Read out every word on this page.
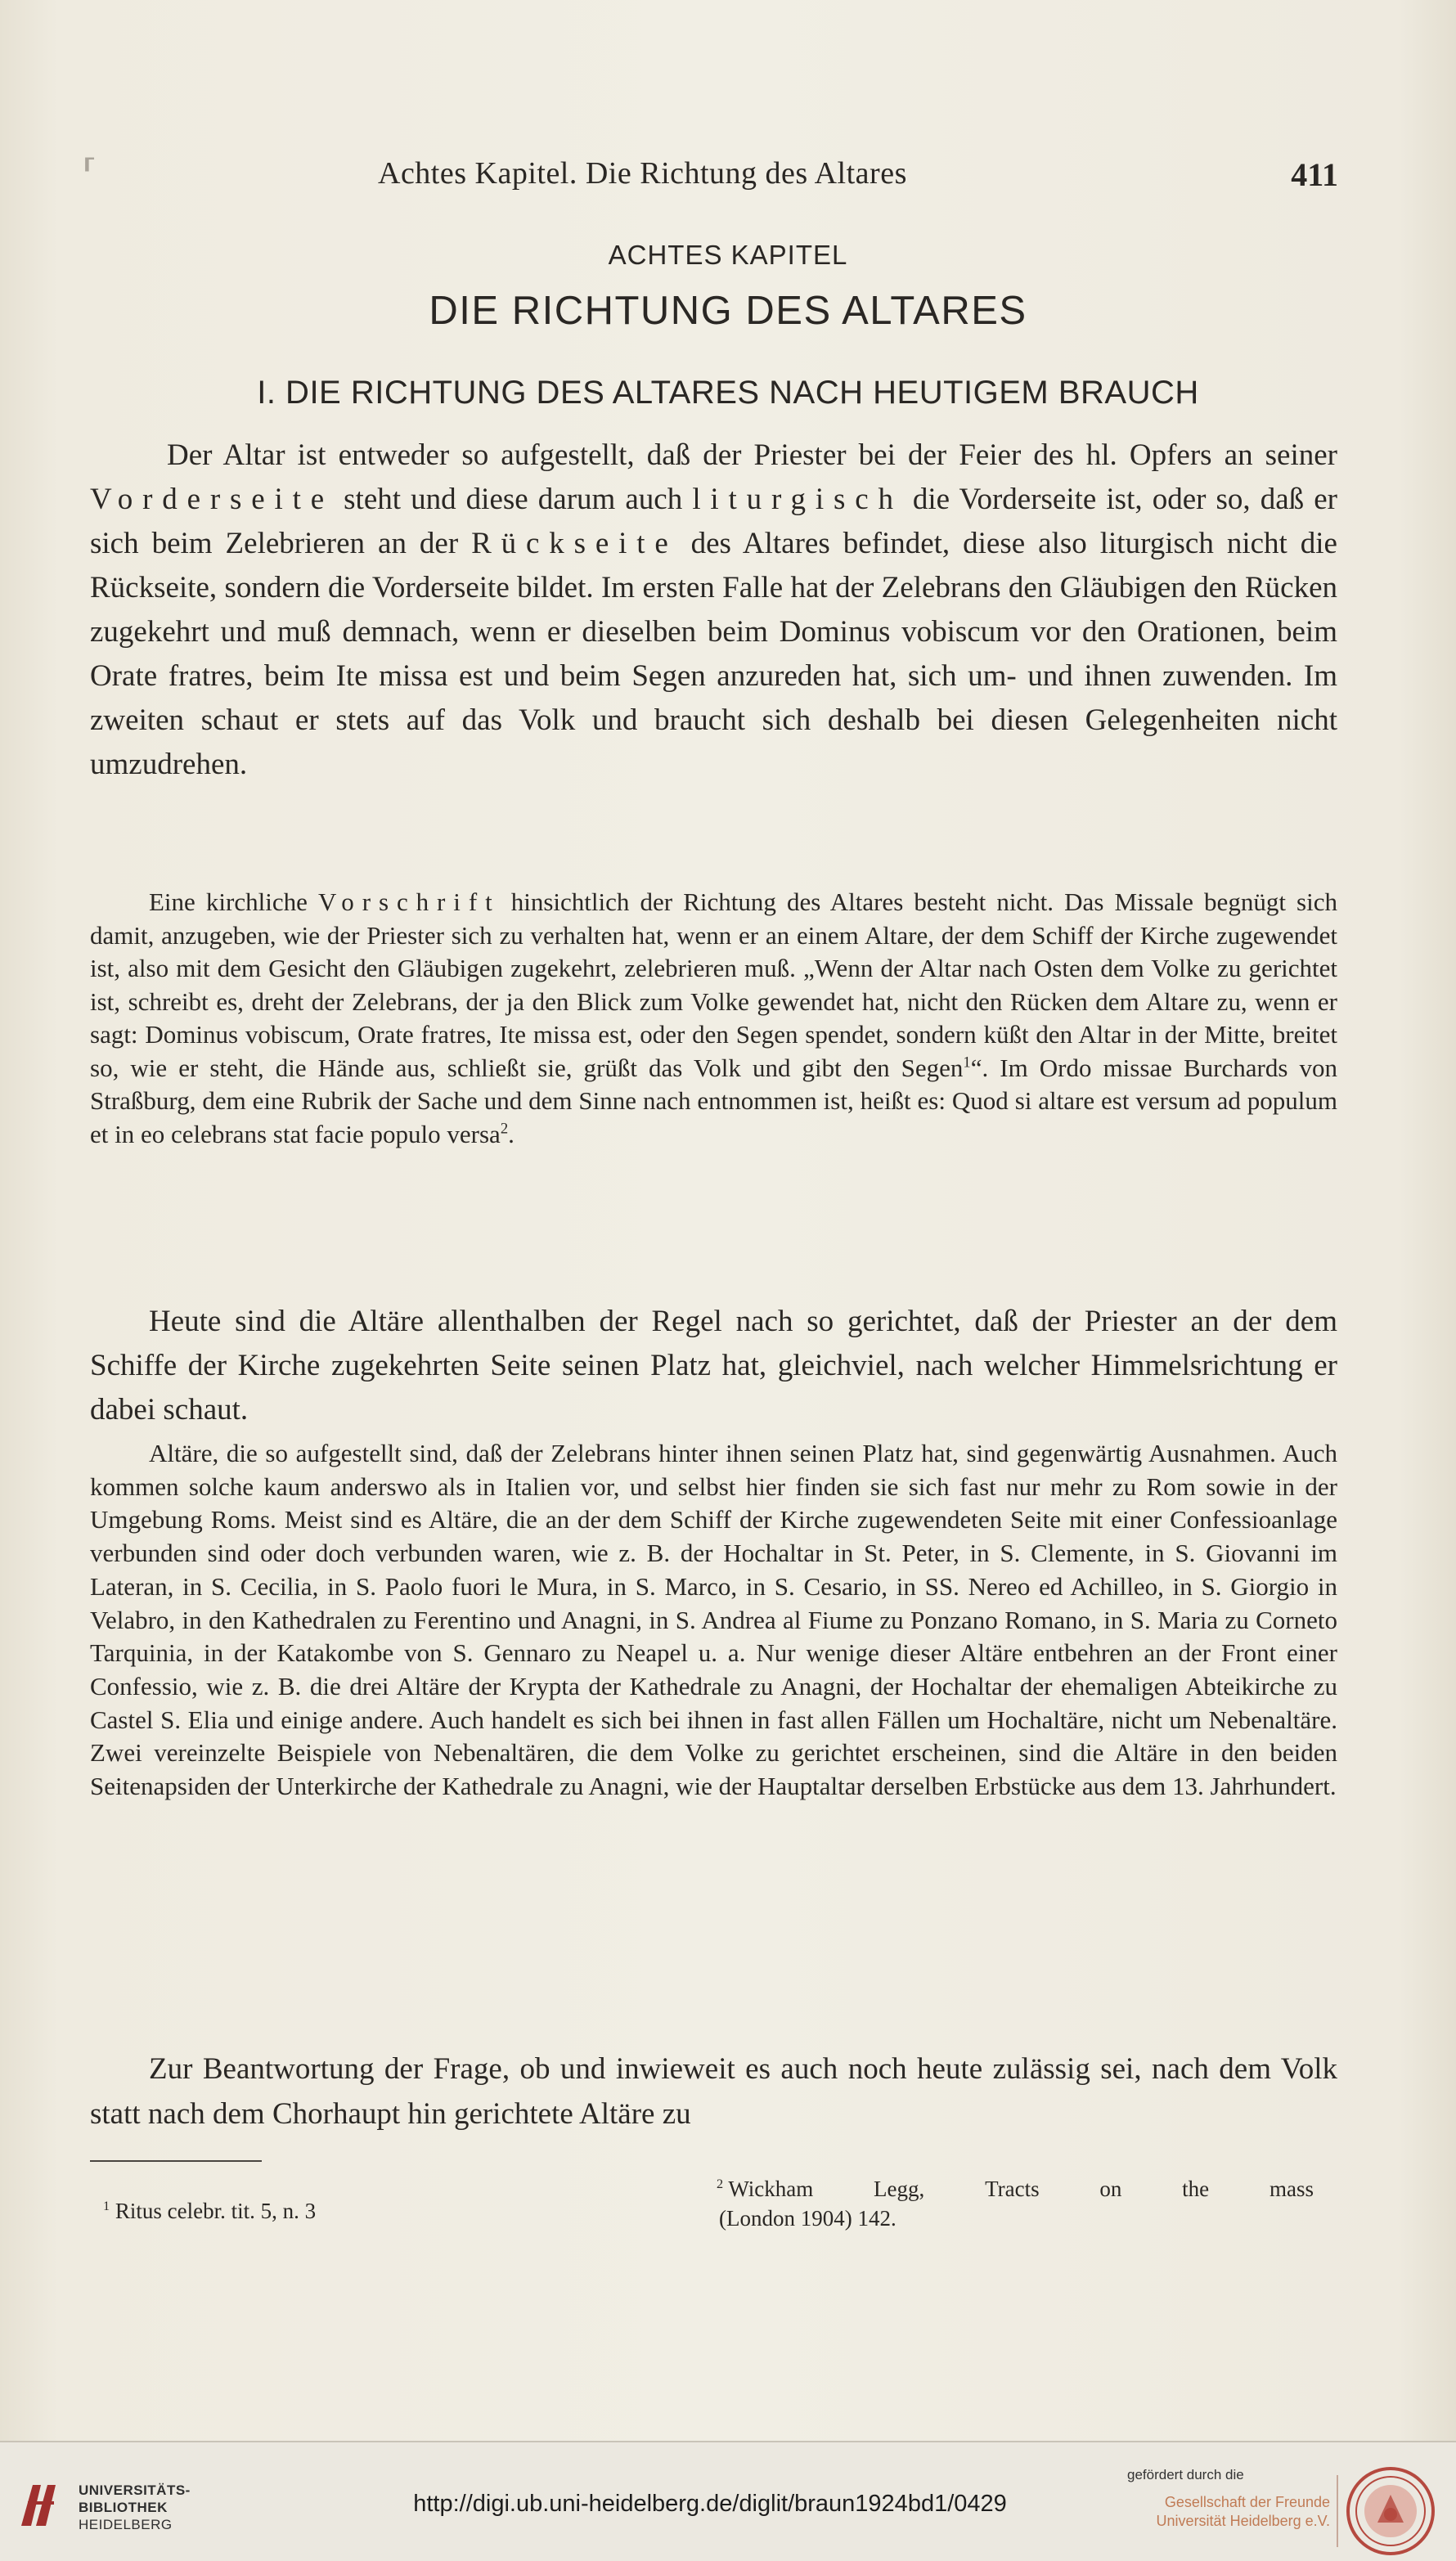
⸢	Achtes Kapitel. Die Richtung des Altares	411
ACHTES KAPITEL
DIE RICHTUNG DES ALTARES
I. DIE RICHTUNG DES ALTARES NACH HEUTIGEM BRAUCH

Der Altar ist entweder so aufgestellt, daß der Priester bei der Feier des hl. Opfers an seiner Vorderseite steht und diese darum auch liturgisch die Vorderseite ist, oder so, daß er sich beim Zelebrieren an der Rückseite des Altares befindet, diese also liturgisch nicht die Rückseite, sondern die Vorderseite bildet. Im ersten Falle hat der Zelebrans den Gläubigen den Rücken zugekehrt und muß demnach, wenn er dieselben beim Dominus vobiscum vor den Orationen, beim Orate fratres, beim Ite missa est und beim Segen anzureden hat, sich um- und ihnen zuwenden. Im zweiten schaut er stets auf das Volk und braucht sich deshalb bei diesen Gelegenheiten nicht umzudrehen.

Eine kirchliche Vorschrift hinsichtlich der Richtung des Altares besteht nicht. Das Missale begnügt sich damit, anzugeben, wie der Priester sich zu verhalten hat, wenn er an einem Altare, der dem Schiff der Kirche zugewendet ist, also mit dem Gesicht den Gläubigen zugekehrt, zelebrieren muß. „Wenn der Altar nach Osten dem Volke zu gerichtet ist, schreibt es, dreht der Zelebrans, der ja den Blick zum Volke gewendet hat, nicht den Rücken dem Altare zu, wenn er sagt: Dominus vobiscum, Orate fratres, Ite missa est, oder den Segen spendet, sondern küßt den Altar in der Mitte, breitet so, wie er steht, die Hände aus, schließt sie, grüßt das Volk und gibt den Segen$^1$“. Im Ordo missae Burchards von Straßburg, dem eine Rubrik der Sache und dem Sinne nach entnommen ist, heißt es: Quod si altare est versum ad populum et in eo celebrans stat facie populo versa$^2$.

Heute sind die Altäre allenthalben der Regel nach so gerichtet, daß der Priester an der dem Schiffe der Kirche zugekehrten Seite seinen Platz hat, gleichviel, nach welcher Himmelsrichtung er dabei schaut.

Altäre, die so aufgestellt sind, daß der Zelebrans hinter ihnen seinen Platz hat, sind gegenwärtig Ausnahmen. Auch kommen solche kaum anderswo als in Italien vor, und selbst hier finden sie sich fast nur mehr zu Rom sowie in der Umgebung Roms. Meist sind es Altäre, die an der dem Schiff der Kirche zugewendeten Seite mit einer Confessioanlage verbunden sind oder doch verbunden waren, wie z. B. der Hochaltar in St. Peter, in S. Clemente, in S. Giovanni im Lateran, in S. Cecilia, in S. Paolo fuori le Mura, in S. Marco, in S. Cesario, in SS. Nereo ed Achilleo, in S. Giorgio in Velabro, in den Kathedralen zu Ferentino und Anagni, in S. Andrea al Fiume zu Ponzano Romano, in S. Maria zu Corneto Tarquinia, in der Katakombe von S. Gennaro zu Neapel u. a. Nur wenige dieser Altäre entbehren an der Front einer Confessio, wie z. B. die drei Altäre der Krypta der Kathedrale zu Anagni, der Hochaltar der ehemaligen Abteikirche zu Castel S. Elia und einige andere. Auch handelt es sich bei ihnen in fast allen Fällen um Hochaltäre, nicht um Nebenaltäre. Zwei vereinzelte Beispiele von Nebenaltären, die dem Volke zu gerichtet erscheinen, sind die Altäre in den beiden Seitenapsiden der Unterkirche der Kathedrale zu Anagni, wie der Hauptaltar derselben Erbstücke aus dem 13. Jahrhundert.

Zur Beantwortung der Frage, ob und inwieweit es auch noch heute zulässig sei, nach dem Volk statt nach dem Chorhaupt hin gerichtete Altäre zu

$^1$ Ritus celebr. tit. 5, n. 3
$^2$ Wickham	Legg,	Tracts	on	the	mass
(London 1904) 142.
UNIVERSITÄTS-
BIBLIOTHEK
HEIDELBERG
http://digi.ub.uni-heidelberg.de/diglit/braun1924bd1/0429
gefördert durch die
Gesellschaft der Freunde
Universität Heidelberg e.V.
